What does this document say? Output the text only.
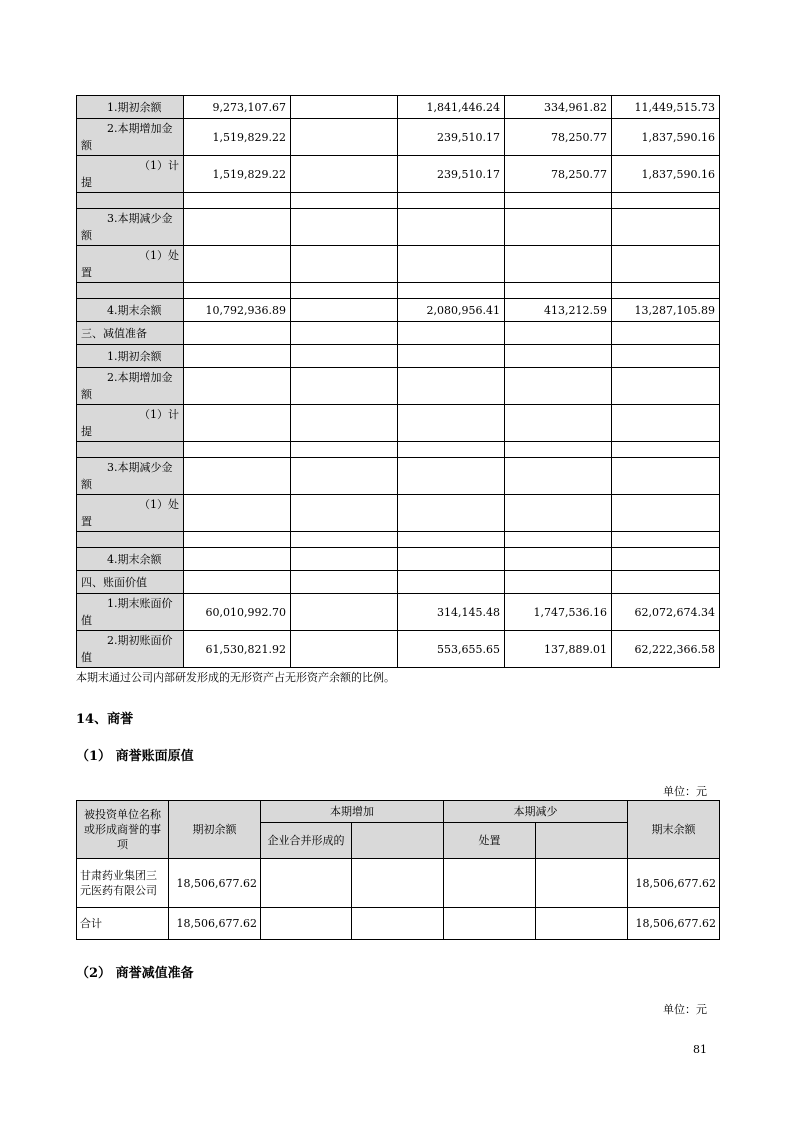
1.期初余额	9,273,107.67		1,841,446.24	334,961.82	11,449,515.73
2.本期增加金额	1,519,829.22		239,510.17	78,250.77	1,837,590.16
（1）计提	1,519,829.22		239,510.17	78,250.77	1,837,590.16

3.本期减少金额					
（1）处置					

4.期末余额	10,792,936.89		2,080,956.41	413,212.59	13,287,105.89
三、减值准备					
1.期初余额					
2.本期增加金额					
（1）计提					

3.本期减少金额					
（1）处置					

4.期末余额					
四、账面价值					
1.期末账面价值	60,010,992.70		314,145.48	1,747,536.16	62,072,674.34
2.期初账面价值	61,530,821.92		553,655.65	137,889.01	62,222,366.58
本期末通过公司内部研发形成的无形资产占无形资产余额的比例。
14、商誉
（1） 商誉账面原值
单位：元
被投资单位名称或形成商誉的事项	期初余额	本期增加		本期减少		期末余额
		企业合并形成的		处置		
甘肃药业集团三元医药有限公司	18,506,677.62					18,506,677.62
合计	18,506,677.62					18,506,677.62
（2） 商誉减值准备
单位：元
81
